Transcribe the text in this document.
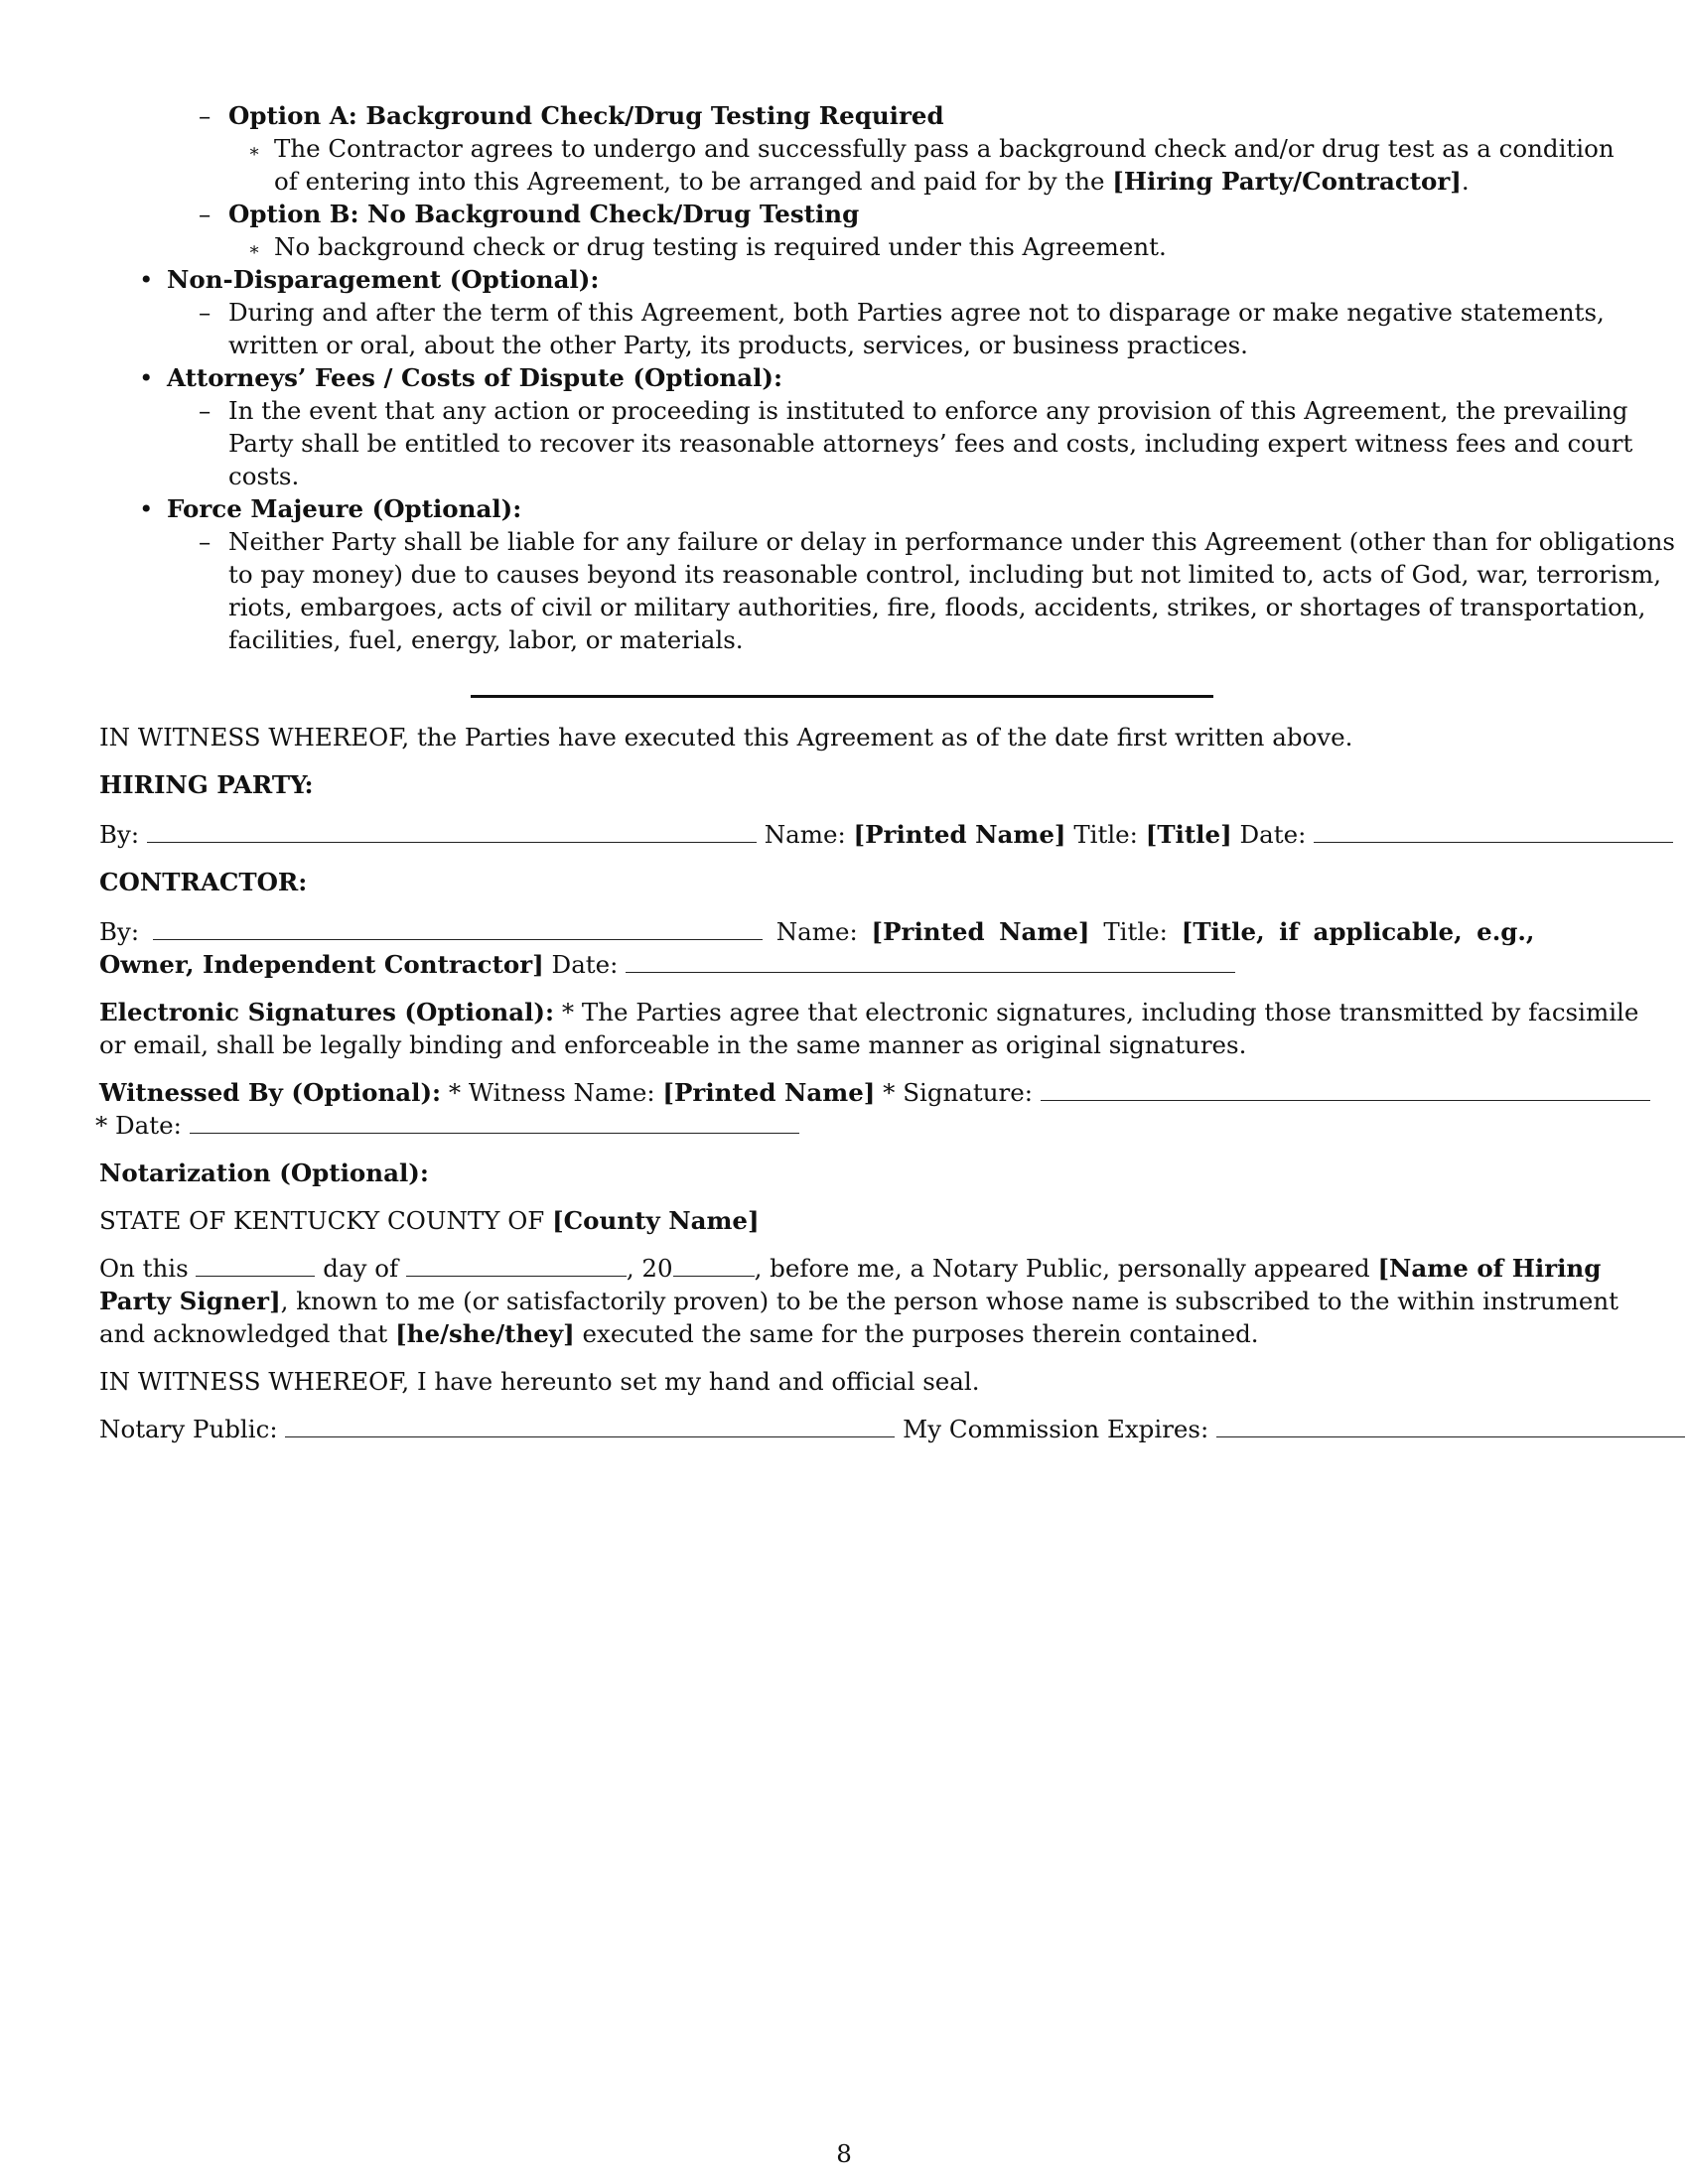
– Option A: Background Check/Drug Testing Required
∗ The Contractor agrees to undergo and successfully pass a background check and/or drug test as a condition
of entering into this Agreement, to be arranged and paid for by the [Hiring Party/Contractor].
– Option B: No Background Check/Drug Testing
∗ No background check or drug testing is required under this Agreement.
• Non-Disparagement (Optional):
– During and after the term of this Agreement, both Parties agree not to disparage or make negative statements,
written or oral, about the other Party, its products, services, or business practices.
• Attorneys’ Fees / Costs of Dispute (Optional):
– In the event that any action or proceeding is instituted to enforce any provision of this Agreement, the prevailing
Party shall be entitled to recover its reasonable attorneys’ fees and costs, including expert witness fees and court
costs.
• Force Majeure (Optional):
– Neither Party shall be liable for any failure or delay in performance under this Agreement (other than for obligations
to pay money) due to causes beyond its reasonable control, including but not limited to, acts of God, war, terrorism,
riots, embargoes, acts of civil or military authorities, fire, floods, accidents, strikes, or shortages of transportation,
facilities, fuel, energy, labor, or materials.
IN WITNESS WHEREOF, the Parties have executed this Agreement as of the date first written above.
HIRING PARTY:
By:	Name: [Printed Name] Title: [Title] Date:
CONTRACTOR:
By:	Name: [Printed Name] Title: [Title, if applicable, e.g.,
Owner, Independent Contractor] Date:
Electronic Signatures (Optional): * The Parties agree that electronic signatures, including those transmitted by facsimile
or email, shall be legally binding and enforceable in the same manner as original signatures.
Witnessed By (Optional): * Witness Name: [Printed Name] * Signature:
* Date:
Notarization (Optional):
STATE OF KENTUCKY COUNTY OF [County Name]
On this	day of	, 20	, before me, a Notary Public, personally appeared [Name of Hiring
Party Signer], known to me (or satisfactorily proven) to be the person whose name is subscribed to the within instrument
and acknowledged that [he/she/they] executed the same for the purposes therein contained.
IN WITNESS WHEREOF, I have hereunto set my hand and official seal.
Notary Public:	My Commission Expires:
8
